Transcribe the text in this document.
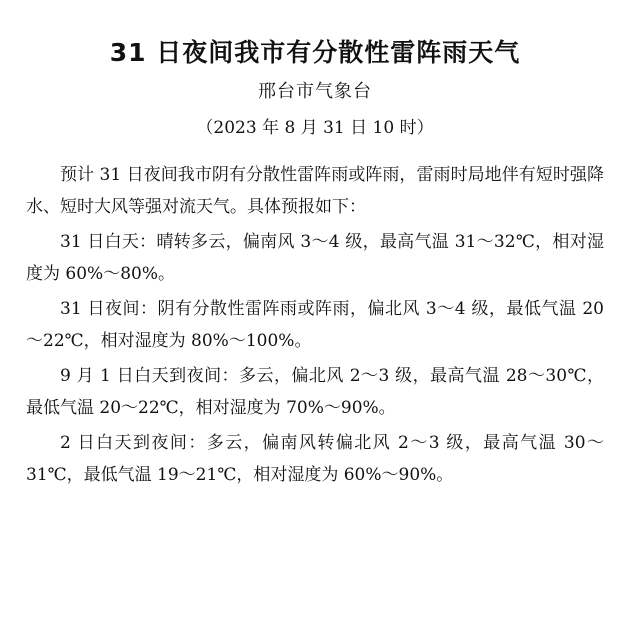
31 日夜间我市有分散性雷阵雨天气
邢台市气象台
（2023 年 8 月 31 日 10 时）

预计 31 日夜间我市阴有分散性雷阵雨或阵雨，雷雨时局地伴有短时强降水、短时大风等强对流天气。具体预报如下：

31 日白天：晴转多云，偏南风 3～4 级，最高气温 31～32℃，相对湿度为 60%～80%。

31 日夜间：阴有分散性雷阵雨或阵雨，偏北风 3～4 级，最低气温 20～22℃，相对湿度为 80%～100%。

9 月 1 日白天到夜间：多云，偏北风 2～3 级，最高气温 28～30℃，最低气温 20～22℃，相对湿度为 70%～90%。

2 日白天到夜间：多云，偏南风转偏北风 2～3 级，最高气温 30～31℃，最低气温 19～21℃，相对湿度为 60%～90%。
